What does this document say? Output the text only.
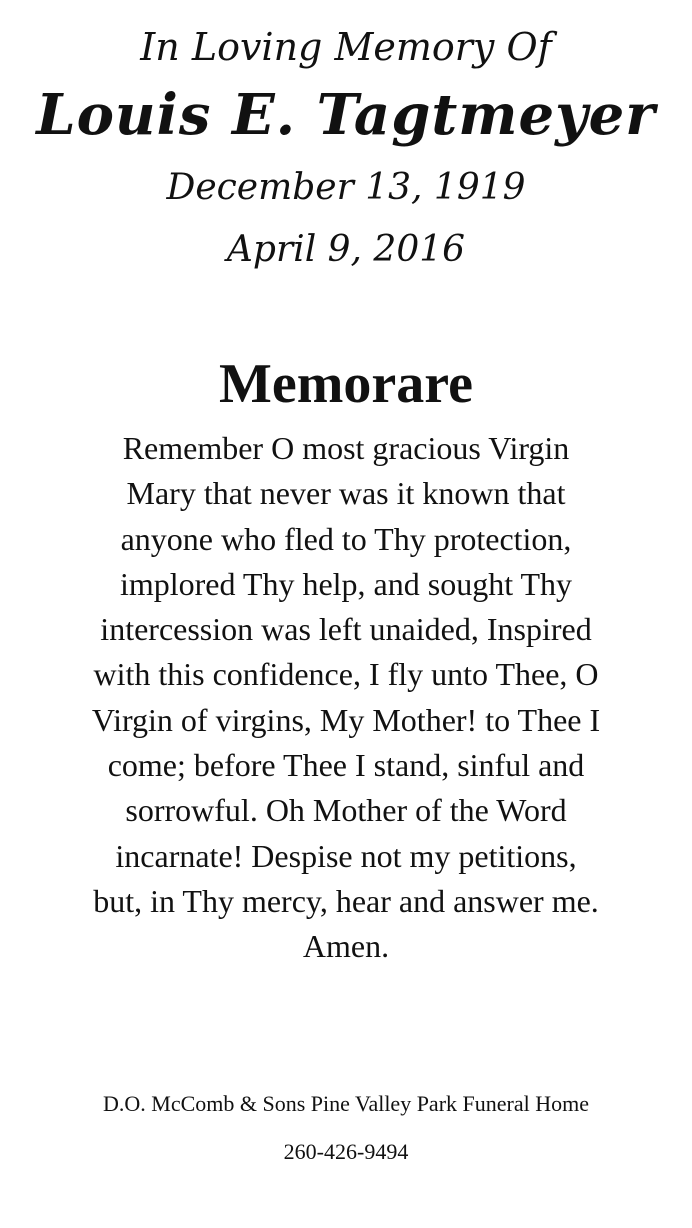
In Loving Memory Of

Louis E. Tagtmeyer

December 13, 1919

April 9, 2016

Memorare
Remember O most gracious Virgin
Mary that never was it known that
anyone who fled to Thy protection,
implored Thy help, and sought Thy
intercession was left unaided, Inspired
with this confidence, I fly unto Thee, O
Virgin of virgins, My Mother! to Thee I
come; before Thee I stand, sinful and
sorrowful. Oh Mother of the Word
incarnate! Despise not my petitions,
but, in Thy mercy, hear and answer me.
Amen.

D.O. McComb & Sons Pine Valley Park Funeral Home

260-426-9494
